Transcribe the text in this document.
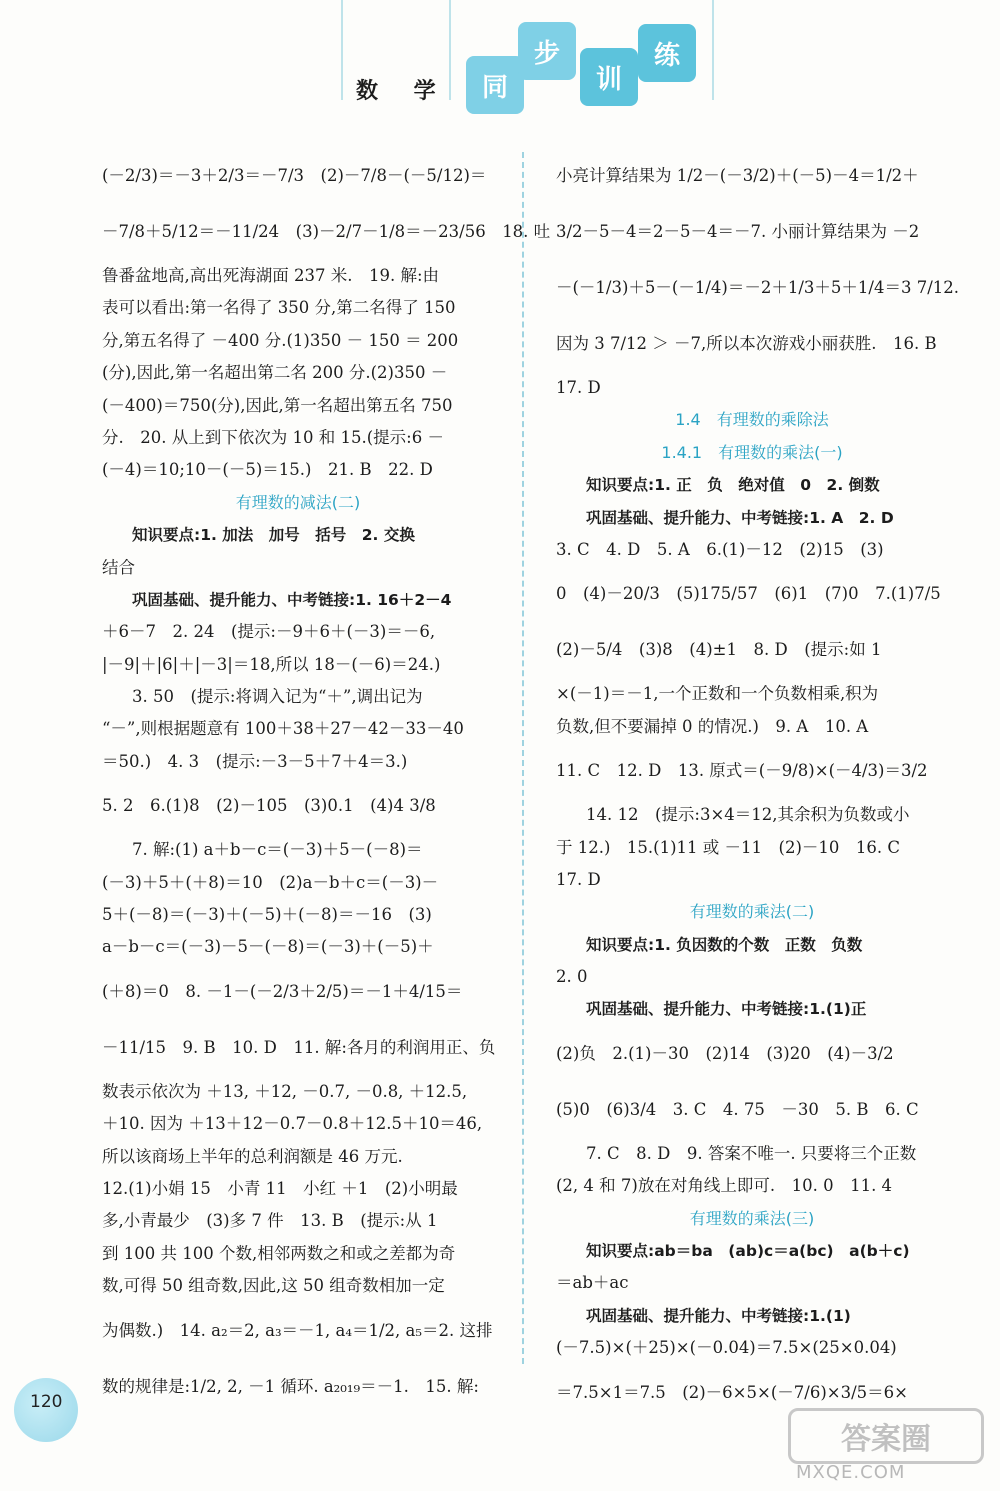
数 学	同
步
训
练
(－2/3)＝－3＋2/3＝－7/3　(2)－7/8－(－5/12)＝
－7/8＋5/12＝－11/24　(3)－2/7－1/8＝－23/56　18. 吐
鲁番盆地高,高出死海湖面 237 米.　19. 解:由
表可以看出:第一名得了 350 分,第二名得了 150
分,第五名得了 －400 分.(1)350 － 150 ＝ 200
(分),因此,第一名超出第二名 200 分.(2)350 －
(－400)＝750(分),因此,第一名超出第五名 750
分.　20. 从上到下依次为 10 和 15.(提示:6 －
(－4)＝10;10－(－5)＝15.)　21. B　22. D
有理数的减法(二)
知识要点:1. 加法　加号　括号　2. 交换
结合
巩固基础、提升能力、中考链接:1. 16＋2－4
＋6－7　2. 24　(提示:－9＋6＋(－3)＝－6,
|－9|＋|6|＋|－3|＝18,所以 18－(－6)＝24.)
3. 50　(提示:将调入记为“＋”,调出记为
“－”,则根据题意有 100＋38＋27－42－33－40
＝50.)　4. 3　(提示:－3－5＋7＋4＝3.)
5. 2　6.(1)8　(2)－105　(3)0.1　(4)4 3/8
7. 解:(1) a＋b－c＝(－3)＋5－(－8)＝
(－3)＋5＋(＋8)＝10　(2)a－b＋c＝(－3)－
5＋(－8)＝(－3)＋(－5)＋(－8)＝－16　(3)
a－b－c＝(－3)－5－(－8)＝(－3)＋(－5)＋
(＋8)＝0　8. －1－(－2/3＋2/5)＝－1＋4/15＝
－11/15　9. B　10. D　11. 解:各月的利润用正、负
数表示依次为 ＋13, ＋12, －0.7, －0.8, ＋12.5,
＋10. 因为 ＋13＋12－0.7－0.8＋12.5＋10＝46,
所以该商场上半年的总利润额是 46 万元.
12.(1)小娟 15　小青 11　小红 ＋1　(2)小明最
多,小青最少　(3)多 7 件　13. B　(提示:从 1
到 100 共 100 个数,相邻两数之和或之差都为奇
数,可得 50 组奇数,因此,这 50 组奇数相加一定
为偶数.)　14. a₂＝2, a₃＝－1, a₄＝1/2, a₅＝2. 这排
数的规律是:1/2, 2, －1 循环. a₂₀₁₉＝－1.　15. 解:
小亮计算结果为 1/2－(－3/2)＋(－5)－4＝1/2＋
3/2－5－4＝2－5－4＝－7. 小丽计算结果为 －2
－(－1/3)＋5－(－1/4)＝－2＋1/3＋5＋1/4＝3 7/12.
因为 3 7/12 ＞ －7,所以本次游戏小丽获胜.　16. B
17. D
1.4　有理数的乘除法
1.4.1　有理数的乘法(一)
知识要点:1. 正　负　绝对值　0　2. 倒数
巩固基础、提升能力、中考链接:1. A　2. D
3. C　4. D　5. A　6.(1)－12　(2)15　(3)
0　(4)－20/3　(5)175/57　(6)1　(7)0　7.(1)7/5
(2)－5/4　(3)8　(4)±1　8. D　(提示:如 1
×(－1)＝－1,一个正数和一个负数相乘,积为
负数,但不要漏掉 0 的情况.)　9. A　10. A
11. C　12. D　13. 原式＝(－9/8)×(－4/3)＝3/2
14. 12　(提示:3×4＝12,其余积为负数或小
于 12.)　15.(1)11 或 －11　(2)－10　16. C
17. D
有理数的乘法(二)
知识要点:1. 负因数的个数　正数　负数
2. 0
巩固基础、提升能力、中考链接:1.(1)正
(2)负　2.(1)－30　(2)14　(3)20　(4)－3/2
(5)0　(6)3/4　3. C　4. 75　－30　5. B　6. C
7. C　8. D　9. 答案不唯一. 只要将三个正数
(2, 4 和 7)放在对角线上即可.　10. 0　11. 4
有理数的乘法(三)
知识要点:ab＝ba　(ab)c＝a(bc)　a(b＋c)
＝ab＋ac
巩固基础、提升能力、中考链接:1.(1)
(－7.5)×(＋25)×(－0.04)＝7.5×(25×0.04)
＝7.5×1＝7.5　(2)－6×5×(－7/6)×3/5＝6×
120
答案圈
MXQE.COM
